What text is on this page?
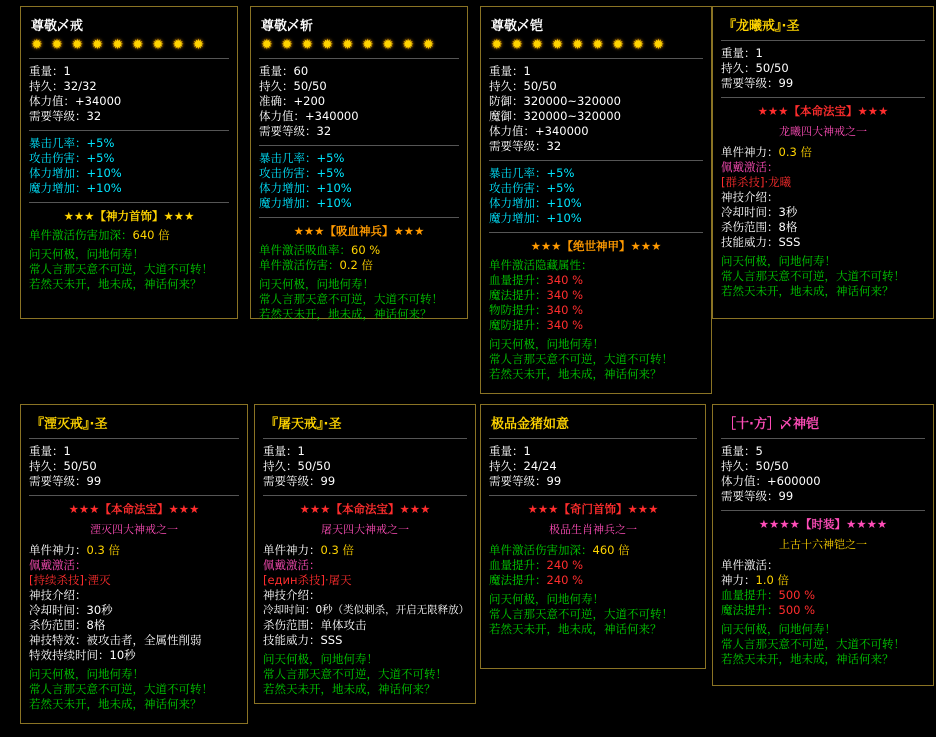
尊敬乄戒
✹ ✹ ✹ ✹ ✹ ✹ ✹ ✹ ✹
重量：1
持久：32/32
体力值：+34000
需要等级：32
暴击几率：+5%
攻击伤害：+5%
体力增加：+10%
魔力增加：+10%
★★★【神力首饰】★★★
单件激活伤害加深：640 倍
问天何极，问地何寿！
常人言那天意不可逆，大道不可转！
若然天未开，地未成，神话何来？
尊敬乄斩
✹ ✹ ✹ ✹ ✹ ✹ ✹ ✹ ✹
重量：60
持久：50/50
准确：+200
体力值：+340000
需要等级：32
暴击几率：+5%
攻击伤害：+5%
体力增加：+10%
魔力增加：+10%
★★★【吸血神兵】★★★
单件激活吸血率：60 %
单件激活伤害：0.2 倍
问天何极，问地何寿！
常人言那天意不可逆，大道不可转！
若然天未开，地未成，神话何来？
尊敬乄铠
✹ ✹ ✹ ✹ ✹ ✹ ✹ ✹ ✹
重量：1
持久：50/50
防御：320000~320000
魔御：320000~320000
体力值：+340000
需要等级：32
暴击几率：+5%
攻击伤害：+5%
体力增加：+10%
魔力增加：+10%
★★★【绝世神甲】★★★
单件激活隐藏属性：
血量提升：340 %
魔法提升：340 %
物防提升：340 %
魔防提升：340 %
问天何极，问地何寿！
常人言那天意不可逆，大道不可转！
若然天未开，地未成，神话何来？
『龙曦戒』·圣
重量：1
持久：50/50
需要等级：99
★★★【本命法宝】★★★
龙曦四大神戒之一
单件神力：0.3 倍
佩戴激活：
[群杀技]·龙曦
神技介绍：
冷却时间：3秒
杀伤范围：8格
技能威力：SSS
问天何极，问地何寿！
常人言那天意不可逆，大道不可转！
若然天未开，地未成，神话何来？
『湮灭戒』·圣
重量：1
持久：50/50
需要等级：99
★★★【本命法宝】★★★
湮灭四大神戒之一
单件神力：0.3 倍
佩戴激活：
[持续杀技]·湮灭
神技介绍：
冷却时间：30秒
杀伤范围：8格
神技特效：被攻击者，全属性削弱
特效持续时间：10秒
问天何极，问地何寿！
常人言那天意不可逆，大道不可转！
若然天未开，地未成，神话何来？
『屠天戒』·圣
重量：1
持久：50/50
需要等级：99
★★★【本命法宝】★★★
屠天四大神戒之一
单件神力：0.3 倍
佩戴激活：
[един杀技]·屠天
神技介绍：
冷却时间：0秒（类似刺杀，开启无限释放）
杀伤范围：单体攻击
技能威力：SSS
问天何极，问地何寿！
常人言那天意不可逆，大道不可转！
若然天未开，地未成，神话何来？
极品金猪如意
重量：1
持久：24/24
需要等级：99
★★★【奇门首饰】★★★
极品生肖神兵之一
单件激活伤害加深：460 倍
血量提升：240 %
魔法提升：240 %
问天何极，问地何寿！
常人言那天意不可逆，大道不可转！
若然天未开，地未成，神话何来？
［十·方］乄神铠
重量：5
持久：50/50
体力值：+600000
需要等级：99
★★★★【时装】★★★★
上古十六神铠之一
单件激活：
神力：1.0 倍
血量提升：500 %
魔法提升：500 %
问天何极，问地何寿！
常人言那天意不可逆，大道不可转！
若然天未开，地未成，神话何来？
